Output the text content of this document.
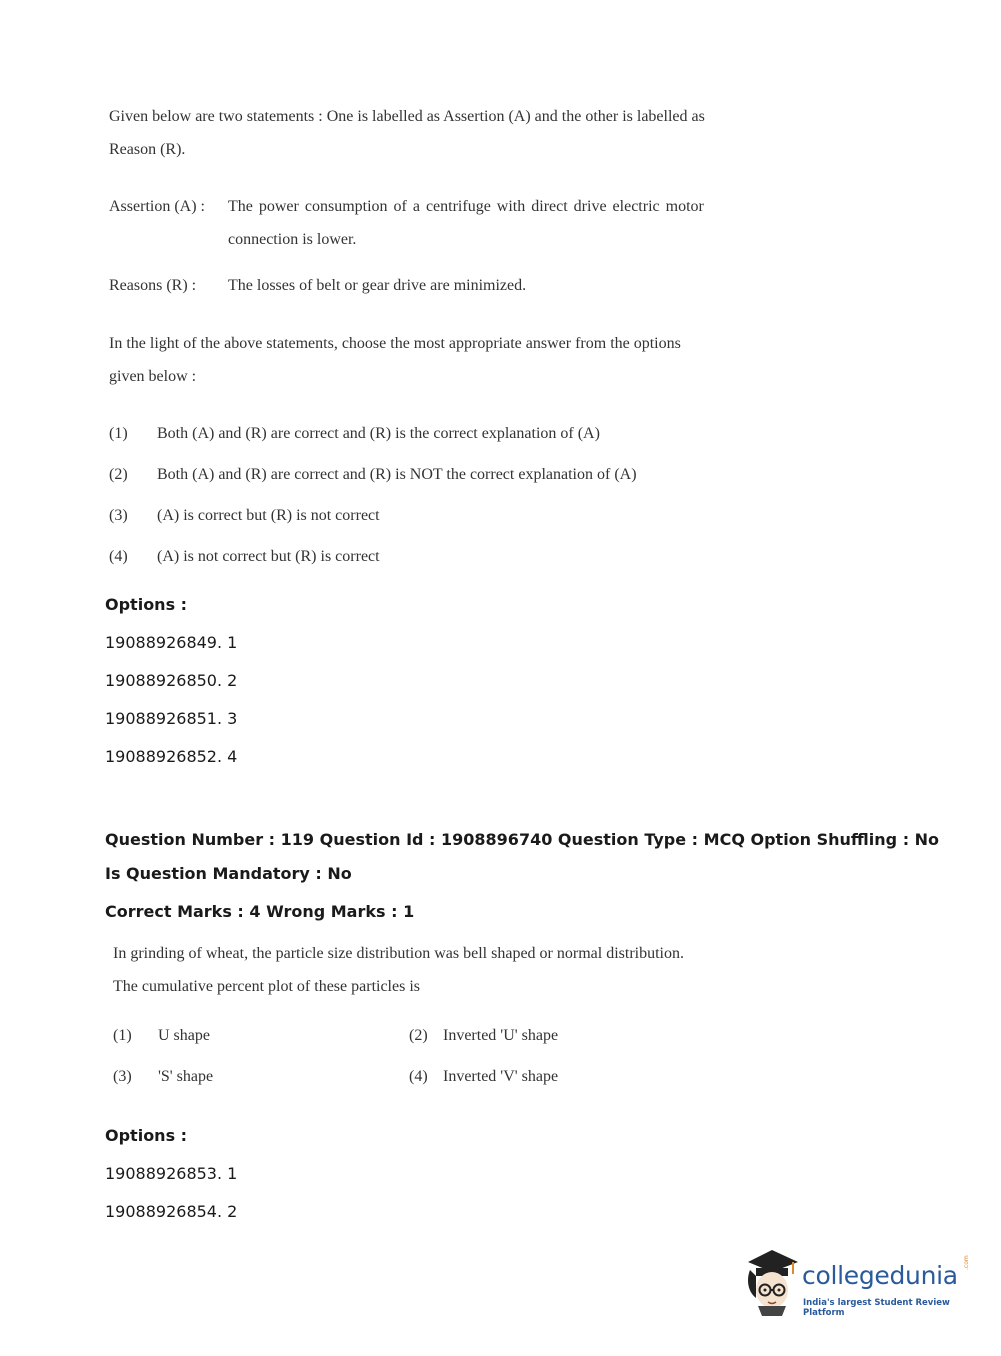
Given below are two statements : One is labelled as Assertion (A) and the other is labelled as
Reason (R).
Assertion (A) : The power consumption of a centrifuge with direct drive electric motor
connection is lower.
Reasons (R) : The losses of belt or gear drive are minimized.
In the light of the above statements, choose the most appropriate answer from the options
given below :
(1) Both (A) and (R) are correct and (R) is the correct explanation of (A)
(2) Both (A) and (R) are correct and (R) is NOT the correct explanation of (A)
(3) (A) is correct but (R) is not correct
(4) (A) is not correct but (R) is correct
Options :
19088926849. 1
19088926850. 2
19088926851. 3
19088926852. 4
Question Number : 119 Question Id : 1908896740 Question Type : MCQ Option Shuffling : No
Is Question Mandatory : No
Correct Marks : 4 Wrong Marks : 1
In grinding of wheat, the particle size distribution was bell shaped or normal distribution.
The cumulative percent plot of these particles is
(1) U shape	(2) Inverted 'U' shape
(3) 'S' shape	(4) Inverted 'V' shape
Options :
19088926853. 1
19088926854. 2
collegedunia .com
India's largest Student Review Platform
